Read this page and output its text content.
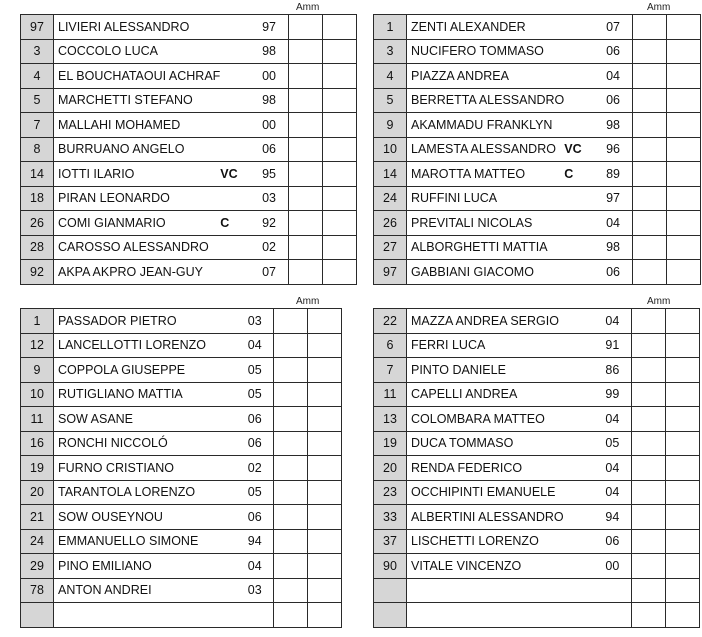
Amm
97	LIVIERI ALESSANDRO		97		
3	COCCOLO LUCA		98		
4	EL BOUCHATAOUI ACHRAF		00		
5	MARCHETTI STEFANO		98		
7	MALLAHI MOHAMED		00		
8	BURRUANO ANGELO		06		
14	IOTTI ILARIO	VC	95		
18	PIRAN LEONARDO		03		
26	COMI GIANMARIO	C	92		
28	CAROSSO ALESSANDRO		02		
92	AKPA AKPRO JEAN-GUY		07		
Amm
1	ZENTI ALEXANDER		07		
3	NUCIFERO TOMMASO		06		
4	PIAZZA ANDREA		04		
5	BERRETTA ALESSANDRO		06		
9	AKAMMADU FRANKLYN		98		
10	LAMESTA ALESSANDRO	VC	96		
14	MAROTTA MATTEO	C	89		
24	RUFFINI LUCA		97		
26	PREVITALI NICOLAS		04		
27	ALBORGHETTI MATTIA		98		
97	GABBIANI GIACOMO		06		
Amm
1	PASSADOR PIETRO		03		
12	LANCELLOTTI LORENZO		04		
9	COPPOLA GIUSEPPE		05		
10	RUTIGLIANO MATTIA		05		
11	SOW ASANE		06		
16	RONCHI NICCOLÓ		06		
19	FURNO CRISTIANO		02		
20	TARANTOLA LORENZO		05		
21	SOW OUSEYNOU		06		
24	EMMANUELLO SIMONE		94		
29	PINO EMILIANO		04		
78	ANTON ANDREI		03		

Amm
22	MAZZA ANDREA SERGIO		04		
6	FERRI LUCA		91		
7	PINTO DANIELE		86		
11	CAPELLI ANDREA		99		
13	COLOMBARA MATTEO		04		
19	DUCA TOMMASO		05		
20	RENDA FEDERICO		04		
23	OCCHIPINTI EMANUELE		04		
33	ALBERTINI ALESSANDRO		94		
37	LISCHETTI LORENZO		06		
90	VITALE VINCENZO		00		
